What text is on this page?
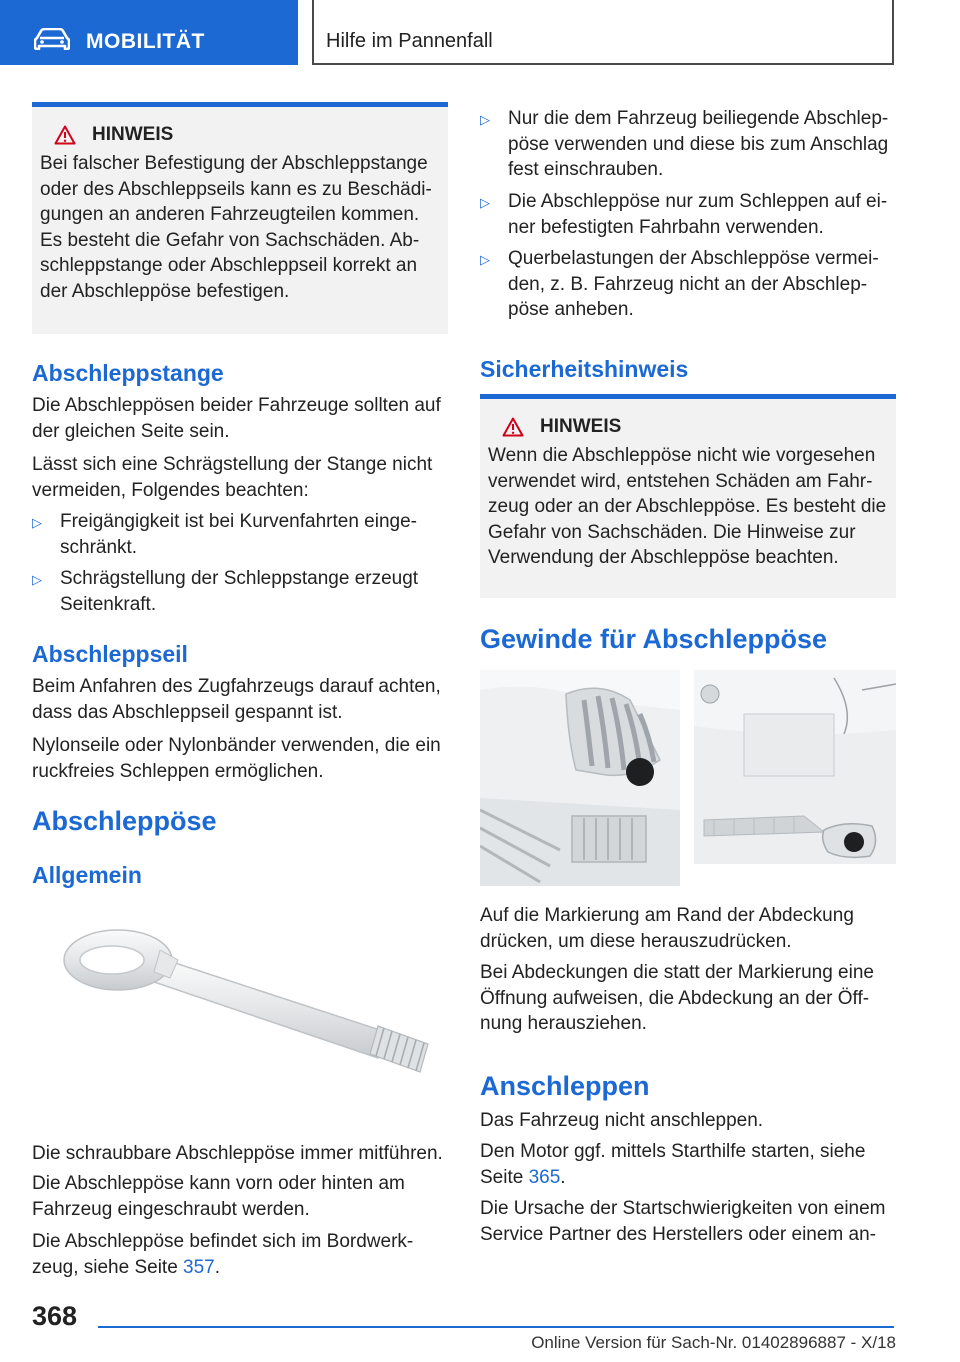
MOBILITÄT	Hilfe im Pannenfall
HINWEIS
Bei falscher Befestigung der Abschleppstange oder des Abschleppseils kann es zu Beschädi-gungen an anderen Fahrzeugteilen kommen. Es besteht die Gefahr von Sachschäden. Ab-schleppstange oder Abschleppseil korrekt an der Abschleppöse befestigen.
Abschleppstange
Die Abschleppösen beider Fahrzeuge sollten auf der gleichen Seite sein.
Lässt sich eine Schrägstellung der Stange nicht vermeiden, Folgendes beachten:
▷ Freigängigkeit ist bei Kurvenfahrten einge-schränkt.
▷ Schrägstellung der Schleppstange erzeugt Seitenkraft.
Abschleppseil
Beim Anfahren des Zugfahrzeugs darauf achten, dass das Abschleppseil gespannt ist.
Nylonseile oder Nylonbänder verwenden, die ein ruckfreies Schleppen ermöglichen.
Abschleppöse
Allgemein
Die schraubbare Abschleppöse immer mitführen.
Die Abschleppöse kann vorn oder hinten am Fahrzeug eingeschraubt werden.
Die Abschleppöse befindet sich im Bordwerk-zeug, siehe Seite 357.
▷ Nur die dem Fahrzeug beiliegende Abschlep-pöse verwenden und diese bis zum Anschlag fest einschrauben.
▷ Die Abschleppöse nur zum Schleppen auf ei-ner befestigten Fahrbahn verwenden.
▷ Querbelastungen der Abschleppöse vermei-den, z. B. Fahrzeug nicht an der Abschlep-pöse anheben.
Sicherheitshinweis
HINWEIS
Wenn die Abschleppöse nicht wie vorgesehen verwendet wird, entstehen Schäden am Fahr-zeug oder an der Abschleppöse. Es besteht die Gefahr von Sachschäden. Die Hinweise zur Verwendung der Abschleppöse beachten.
Gewinde für Abschleppöse
Auf die Markierung am Rand der Abdeckung drücken, um diese herauszudrücken.
Bei Abdeckungen die statt der Markierung eine Öffnung aufweisen, die Abdeckung an der Öff-nung herausziehen.
Anschleppen
Das Fahrzeug nicht anschleppen.
Den Motor ggf. mittels Starthilfe starten, siehe Seite 365.
Die Ursache der Startschwierigkeiten von einem Service Partner des Herstellers oder einem an-
368
Online Version für Sach-Nr. 01402896887 - X/18
